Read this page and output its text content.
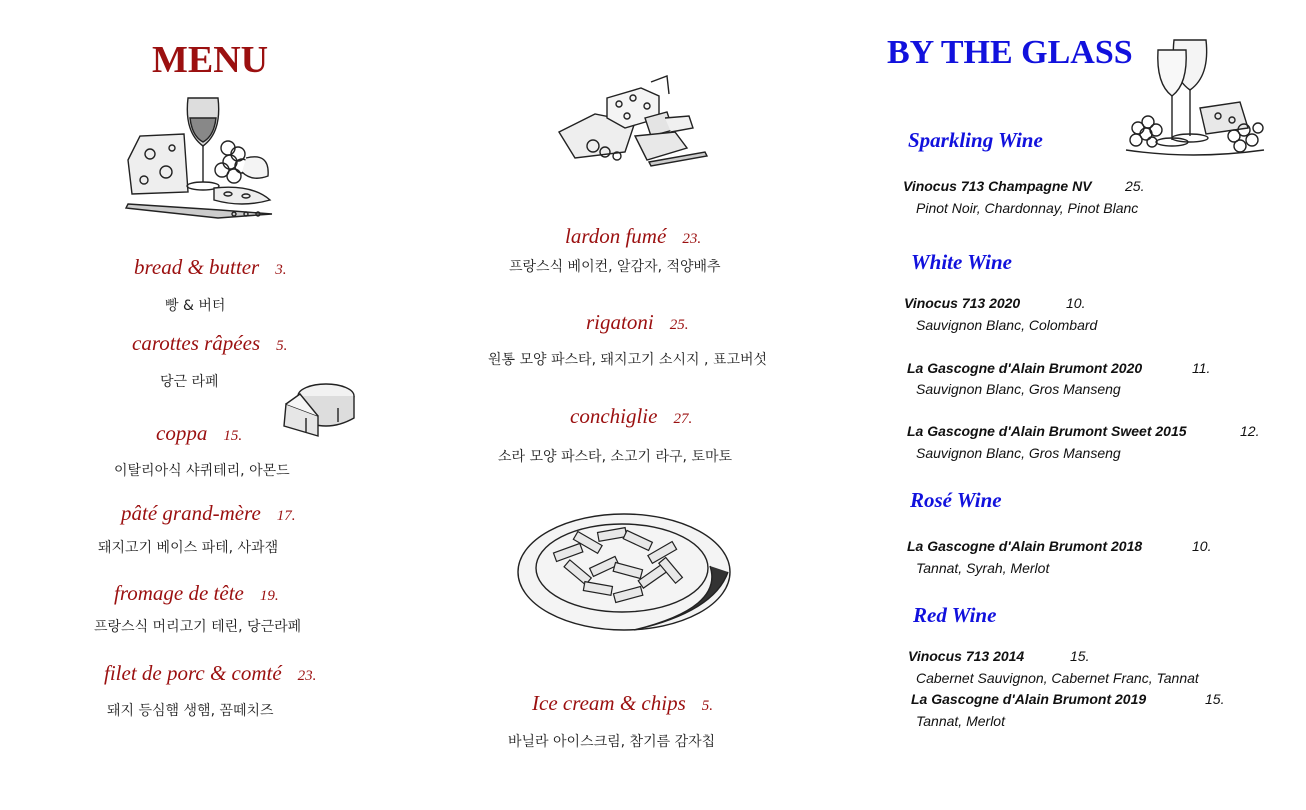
MENU
bread & butter 3.
빵 & 버터
carottes râpées 5.
당근 라페
coppa 15.
이탈리아식 샤퀴테리, 아몬드
pâté grand-mère 17.
돼지고기 베이스 파테, 사과잼
fromage de tête 19.
프랑스식 머리고기 테린, 당근라페
filet de porc & comté 23.
돼지 등심햄 생햄, 꼼떼치즈
lardon fumé 23.
프랑스식 베이컨, 알감자, 적양배추
rigatoni 25.
원통 모양 파스타, 돼지고기 소시지 , 표고버섯
conchiglie 27.
소라 모양 파스타, 소고기 라구, 토마토
Ice cream & chips 5.
바닐라 아이스크림, 참기름 감자칩
BY THE GLASS
Sparkling Wine
Vinocus 713 Champagne NV 25.
Pinot Noir, Chardonnay, Pinot Blanc
White Wine
Vinocus 713 2020	10.
Sauvignon Blanc, Colombard
La Gascogne d'Alain Brumont 2020	11.
Sauvignon Blanc, Gros Manseng
La Gascogne d'Alain Brumont Sweet 2015	12.
Sauvignon Blanc, Gros Manseng
Rosé Wine
La Gascogne d'Alain Brumont 2018	10.
Tannat, Syrah, Merlot
Red Wine
Vinocus 713 2014	15.
Cabernet Sauvignon, Cabernet Franc, Tannat
La Gascogne d'Alain Brumont 2019	15.
Tannat, Merlot
